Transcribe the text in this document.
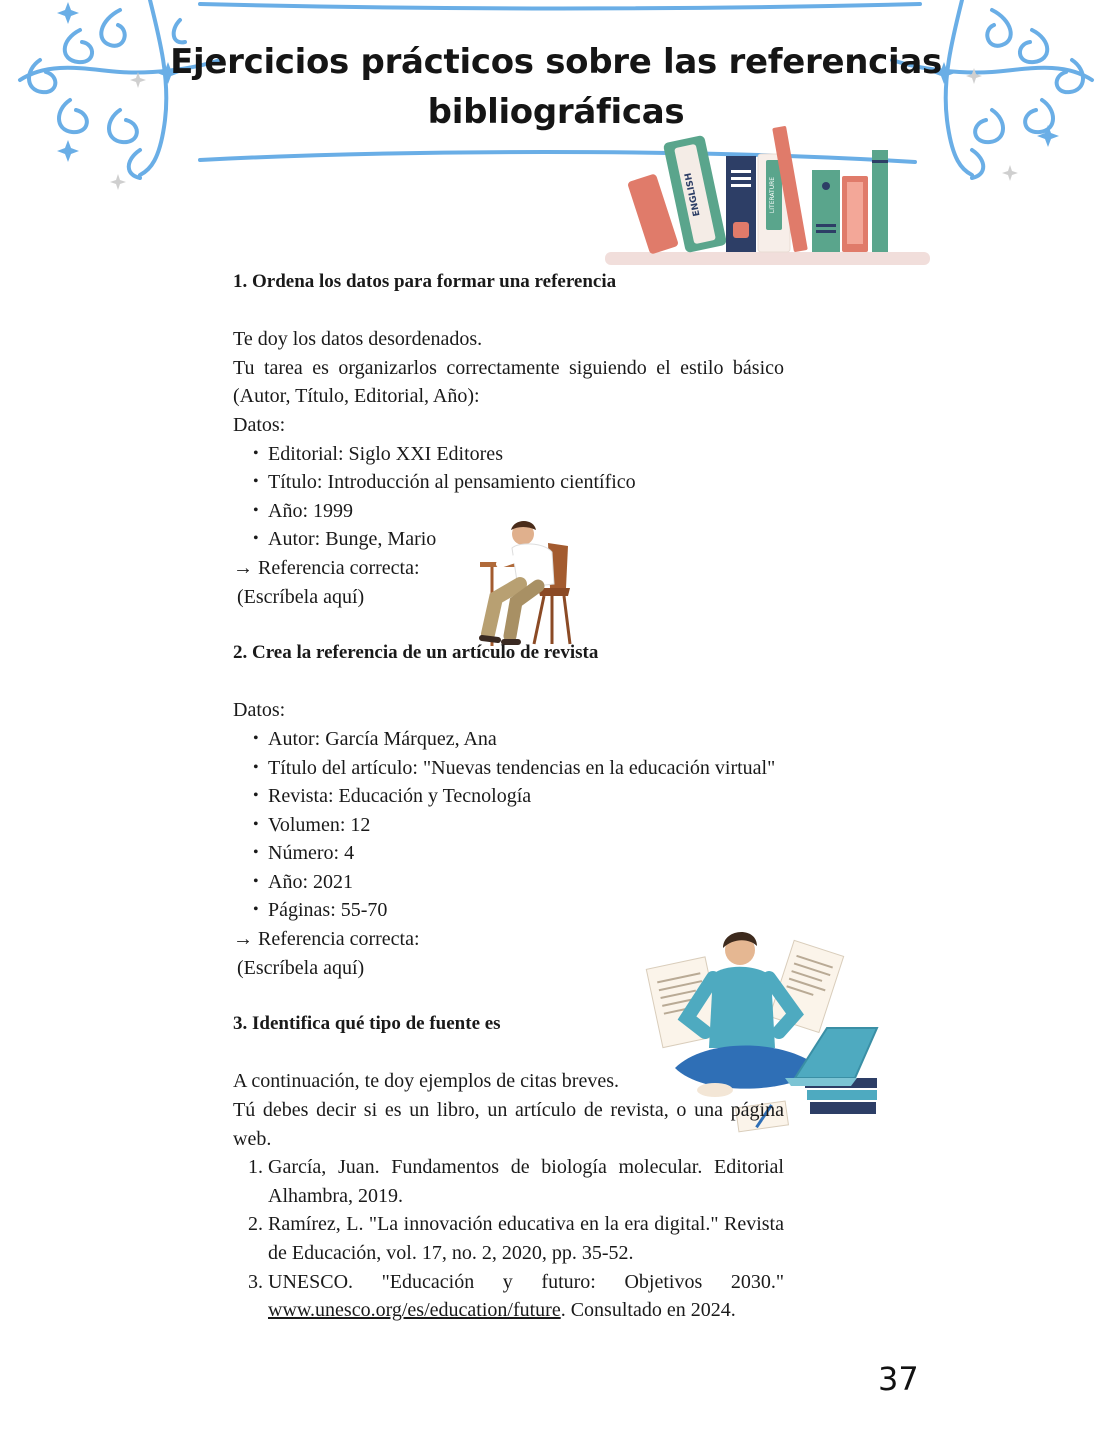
Ejercicios prácticos sobre las referencias bibliográficas
ENGLISH	LITERATURE

1. Ordena los datos para formar una referencia

Te doy los datos desordenados.

Tu tarea es organizarlos correctamente siguiendo el estilo básico (Autor, Título, Editorial, Año):

Datos:

• Editorial: Siglo XXI Editores
• Título: Introducción al pensamiento científico
• Año: 1999
• Autor: Bunge, Mario

→ Referencia correcta:

(Escríbela aquí)

2. Crea la referencia de un artículo de revista

Datos:

• Autor: García Márquez, Ana
• Título del artículo: "Nuevas tendencias en la educación virtual"
• Revista: Educación y Tecnología
• Volumen: 12
• Número: 4
• Año: 2021
• Páginas: 55-70

→ Referencia correcta:

(Escríbela aquí)

3. Identifica qué tipo de fuente es

A continuación, te doy ejemplos de citas breves.

Tú debes decir si es un libro, un artículo de revista, o una página web.

1. García, Juan. Fundamentos de biología molecular. Editorial Alhambra, 2019.
2. Ramírez, L. "La innovación educativa en la era digital." Revista de Educación, vol. 17, no. 2, 2020, pp. 35-52.
3. UNESCO. "Educación y futuro: Objetivos 2030." www.unesco.org/es/education/future. Consultado en 2024.
37
